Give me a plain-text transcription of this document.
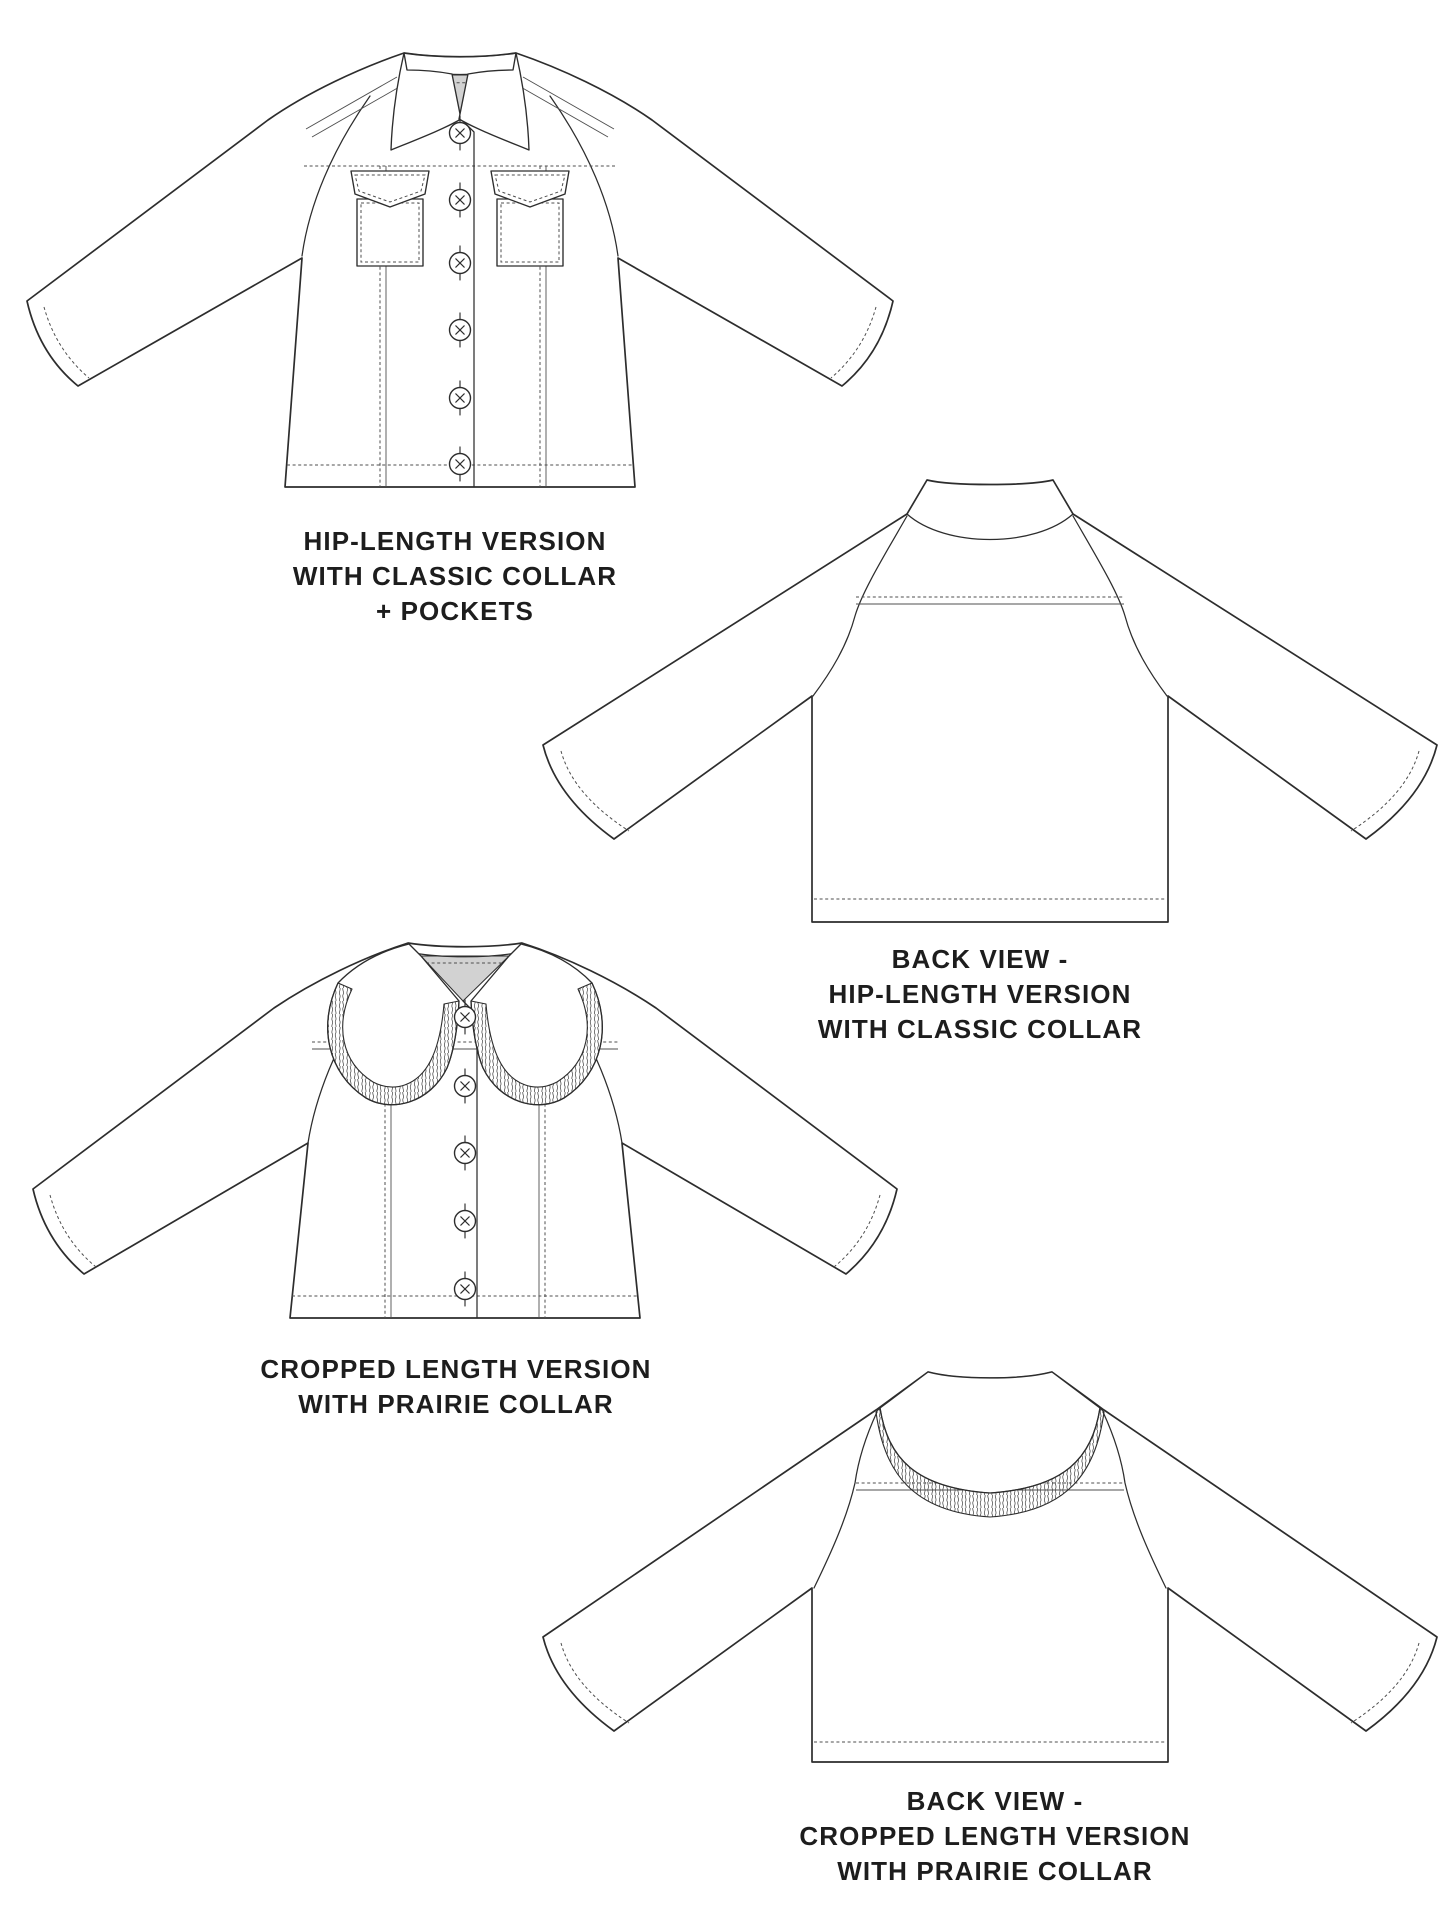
HIP-LENGTH VERSION
WITH CLASSIC COLLAR
+ POCKETS
BACK VIEW -
HIP-LENGTH VERSION
WITH CLASSIC COLLAR
CROPPED LENGTH VERSION
WITH PRAIRIE COLLAR
BACK VIEW -
CROPPED LENGTH VERSION
WITH PRAIRIE COLLAR
